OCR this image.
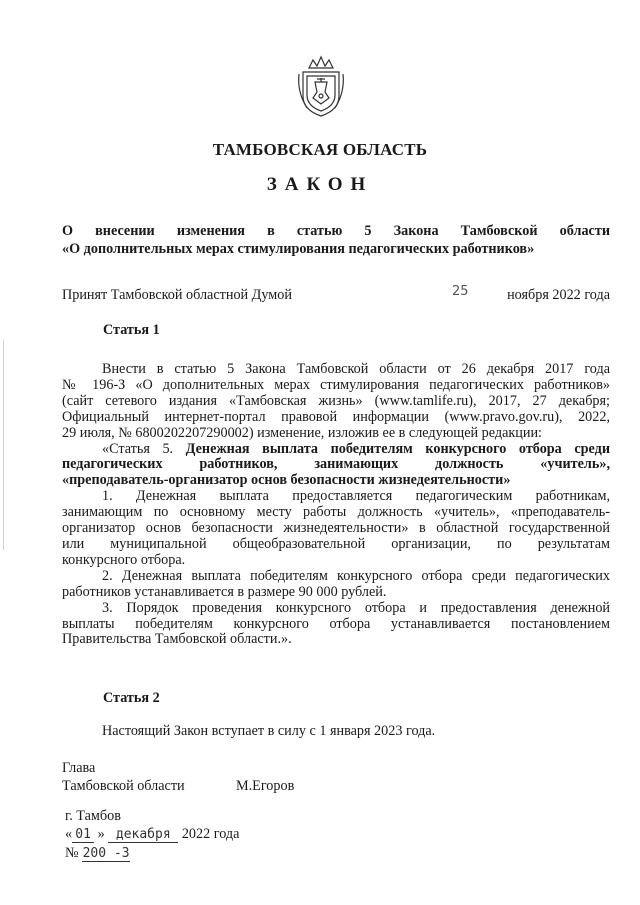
ТАМБОВСКАЯ ОБЛАСТЬ
ЗАКОН
О внесении изменения в статью 5 Закона Тамбовской области
«О дополнительных мерах стимулирования педагогических работников»
Принят Тамбовской областной Думой	25	ноября 2022 года
Статья 1
Внести в статью 5 Закона Тамбовской области от 26 декабря 2017 года
№ 196-З «О дополнительных мерах стимулирования педагогических работников»
(сайт сетевого издания «Тамбовская жизнь» (www.tamlife.ru), 2017, 27 декабря;
Официальный интернет-портал правовой информации (www.pravo.gov.ru), 2022,
29 июля, № 6800202207290002) изменение, изложив ее в следующей редакции:
«Статья 5. Денежная выплата победителям конкурсного отбора среди
педагогических работников, занимающих должность «учитель»,
«преподаватель-организатор основ безопасности жизнедеятельности»
1. Денежная выплата предоставляется педагогическим работникам,
занимающим по основному месту работы должность «учитель», «преподаватель-
организатор основ безопасности жизнедеятельности» в областной государственной
или муниципальной общеобразовательной организации, по результатам
конкурсного отбора.
2. Денежная выплата победителям конкурсного отбора среди педагогических
работников устанавливается в размере 90 000 рублей.
3. Порядок проведения конкурсного отбора и предоставления денежной
выплаты победителям конкурсного отбора устанавливается постановлением
Правительства Тамбовской области.».
Статья 2
Настоящий Закон вступает в силу с 1 января 2023 года.
Глава
Тамбовской области	М.Егоров
г. Тамбов
« 01 » декабря 2022 года
№ 200 -3
